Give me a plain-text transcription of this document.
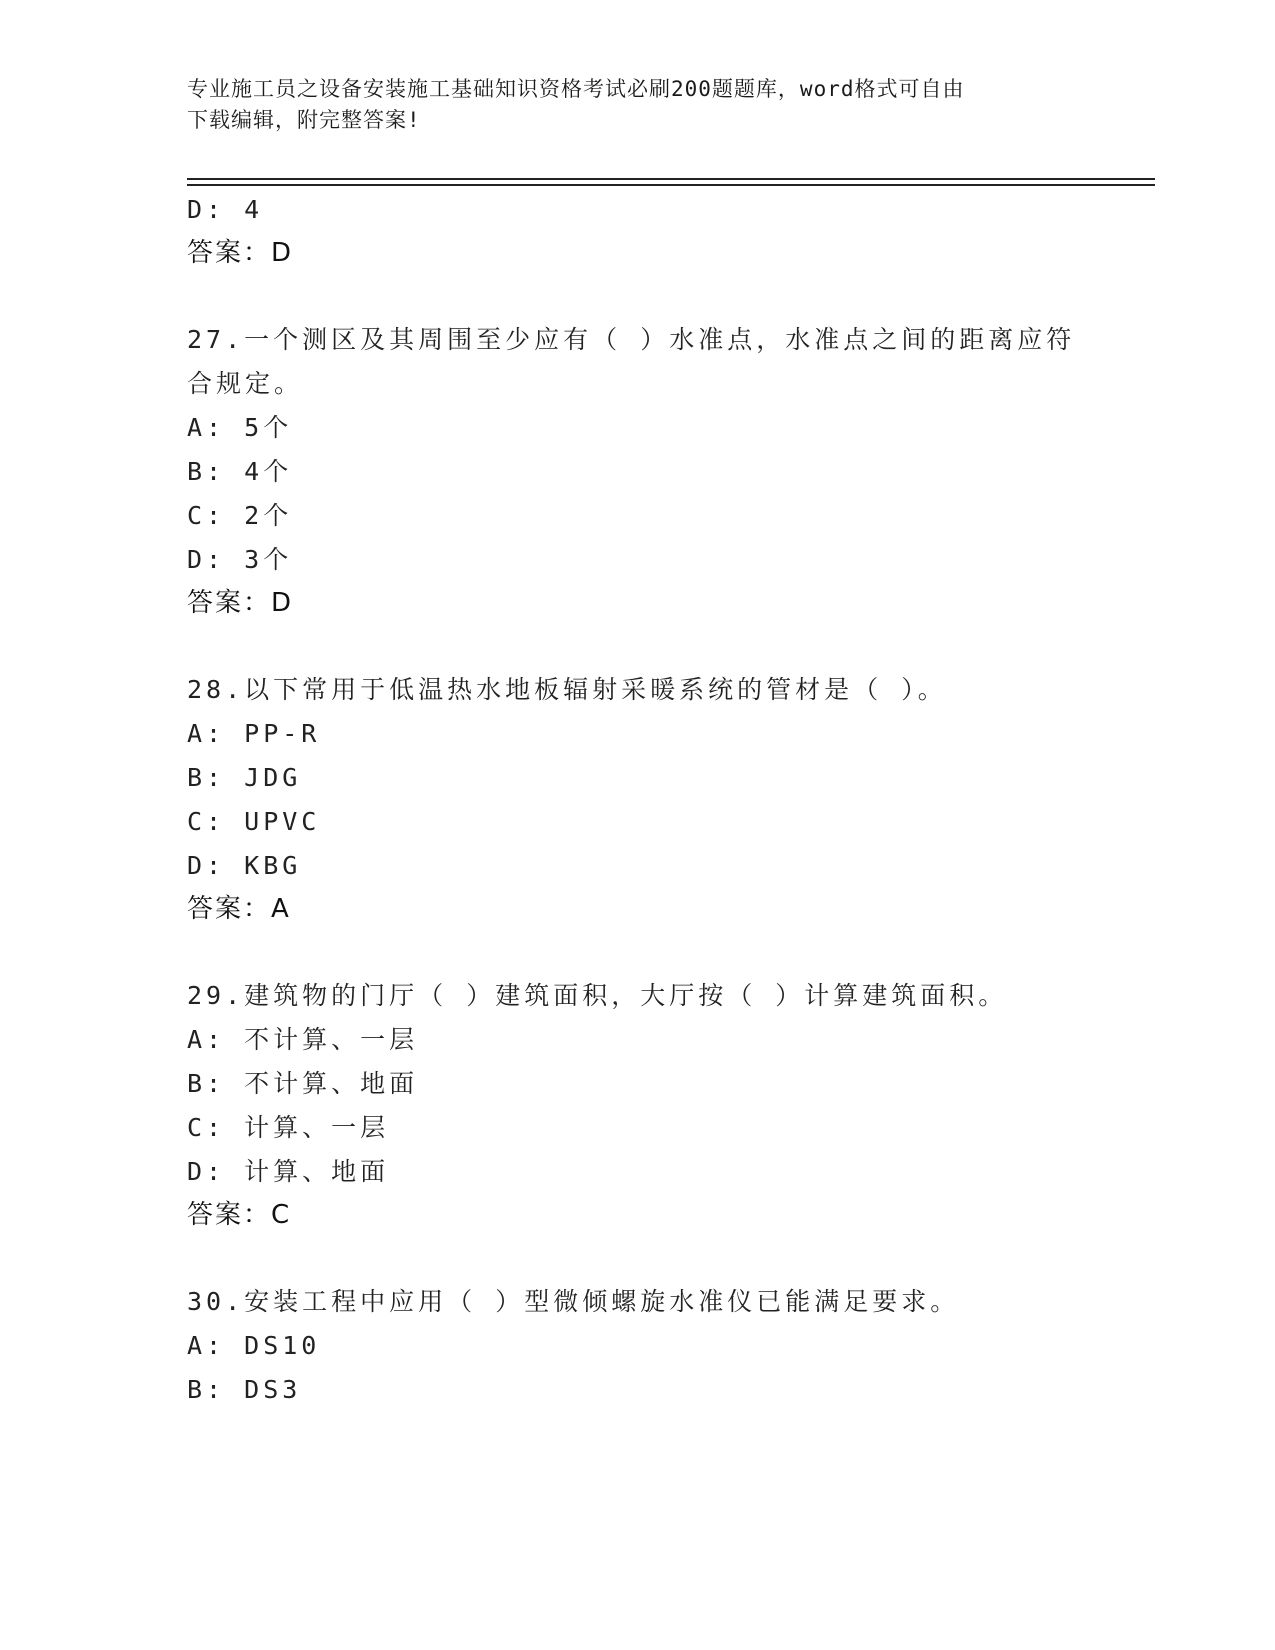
专业施工员之设备安装施工基础知识资格考试必刷200题题库，word格式可自由
下载编辑，附完整答案!
D: 4
答案：D
27.一个测区及其周围至少应有（ ）水准点，水准点之间的距离应符
合规定。
A: 5个
B: 4个
C: 2个
D: 3个
答案：D
28.以下常用于低温热水地板辐射采暖系统的管材是（ ）。
A: PP-R
B: JDG
C: UPVC
D: KBG
答案：A
29.建筑物的门厅（ ）建筑面积，大厅按（ ）计算建筑面积。
A: 不计算、一层
B: 不计算、地面
C: 计算、一层
D: 计算、地面
答案：C
30.安装工程中应用（ ）型微倾螺旋水准仪已能满足要求。
A: DS10
B: DS3
